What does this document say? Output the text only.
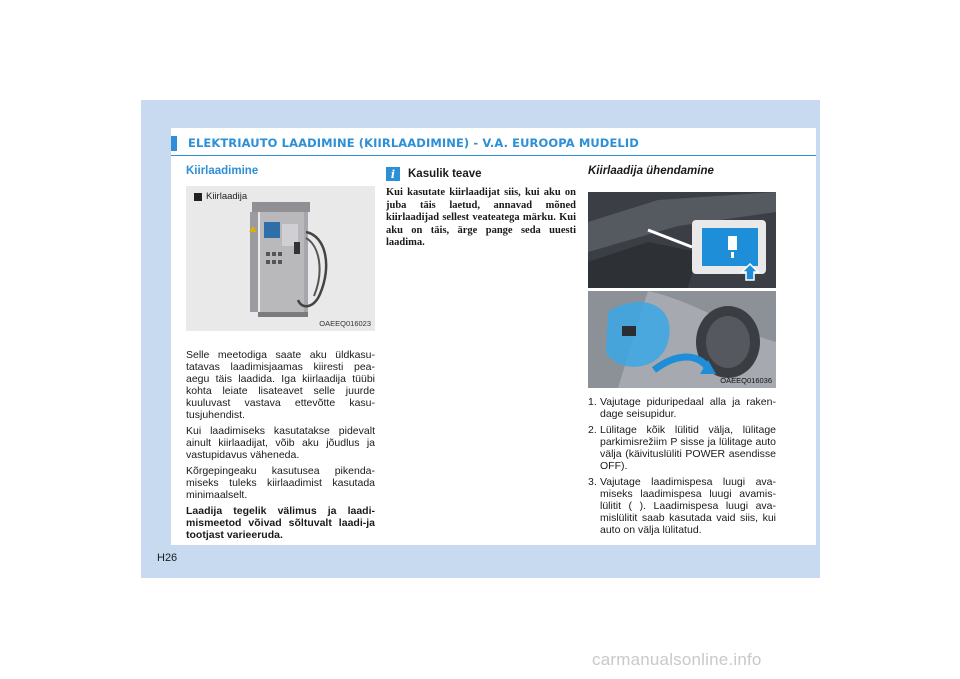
ELEKTRIAUTO LAADIMINE (KIIRLAADIMINE) - V.A. EUROOPA MUDELID
Kiirlaadimine
Kiirlaadija
OAEEQ016023

Selle meetodiga saate aku üldkasu-tatavas laadimisjaamas kiiresti pea-aegu täis laadida. Iga kiirlaadija tüübi kohta leiate lisateavet selle juurde kuuluvast vastava ettevõtte kasu-tusjuhendist.

Kui laadimiseks kasutatakse pidevalt ainult kiirlaadijat, võib aku jõudlus ja vastupidavus väheneda.

Kõrgepingeaku kasutusea pikenda-miseks tuleks kiirlaadimist kasutada minimaalselt.

Laadija tegelik välimus ja laadi-mismeetod võivad sõltuvalt laadi-ja tootjast varieeruda.

i	Kasulik teave

Kui kasutate kiirlaadijat siis, kui aku on juba täis laetud, annavad mõned kiirlaadijad sellest veateatega märku. Kui aku on täis, ärge pange seda uuesti laadima.

Kiirlaadija ühendamine
OAEEQ016036
1. Vajutage piduripedaal alla ja raken-dage seisupidur.
2. Lülitage kõik lülitid välja, lülitage parkimisrežiim P sisse ja lülitage auto välja (käivituslüliti POWER asendisse OFF).
3. Vajutage laadimispesa luugi ava-miseks laadimispesa luugi avamis-lülitit ( ). Laadimispesa luugi ava-mislülitit saab kasutada vaid siis, kui auto on välja lülitatud.
H26
carmanualsonline.info
